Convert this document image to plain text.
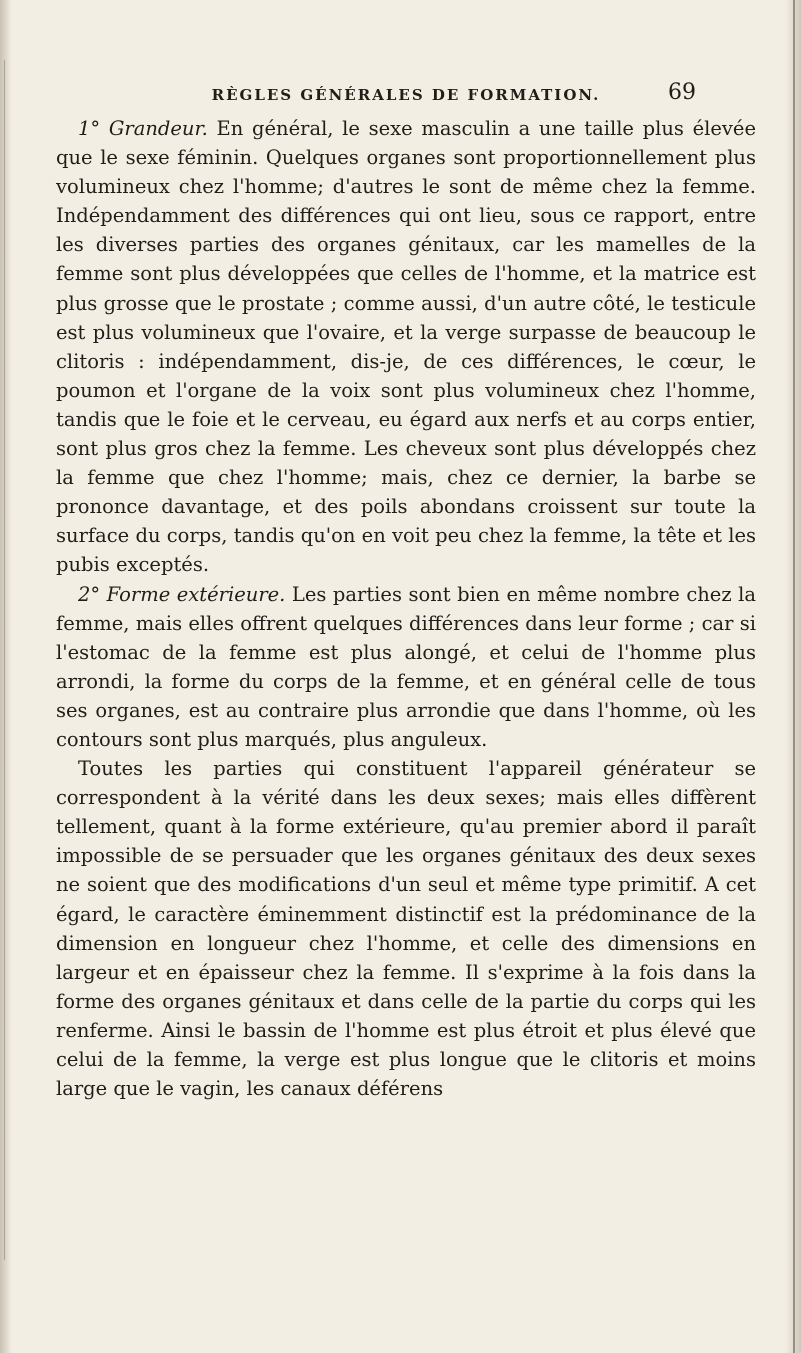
RÈGLES GÉNÉRALES DE FORMATION.	69

1° Grandeur. En général, le sexe masculin a une taille plus élevée que le sexe féminin. Quelques organes sont proportionnellement plus volumineux chez l'homme; d'autres le sont de même chez la femme. Indépendamment des différences qui ont lieu, sous ce rapport, entre les diverses parties des organes génitaux, car les mamelles de la femme sont plus développées que celles de l'homme, et la matrice est plus grosse que le prostate ; comme aussi, d'un autre côté, le testicule est plus volumineux que l'ovaire, et la verge surpasse de beaucoup le clitoris : indépendamment, dis-je, de ces différences, le cœur, le poumon et l'organe de la voix sont plus volumineux chez l'homme, tandis que le foie et le cerveau, eu égard aux nerfs et au corps entier, sont plus gros chez la femme. Les cheveux sont plus développés chez la femme que chez l'homme; mais, chez ce dernier, la barbe se prononce davantage, et des poils abondans croissent sur toute la surface du corps, tandis qu'on en voit peu chez la femme, la tête et les pubis exceptés.

2° Forme extérieure. Les parties sont bien en même nombre chez la femme, mais elles offrent quelques différences dans leur forme ; car si l'estomac de la femme est plus alongé, et celui de l'homme plus arrondi, la forme du corps de la femme, et en général celle de tous ses organes, est au contraire plus arrondie que dans l'homme, où les contours sont plus marqués, plus anguleux.

Toutes les parties qui constituent l'appareil générateur se correspondent à la vérité dans les deux sexes; mais elles diffèrent tellement, quant à la forme extérieure, qu'au premier abord il paraît impossible de se persuader que les organes génitaux des deux sexes ne soient que des modifications d'un seul et même type primitif. A cet égard, le caractère éminemment distinctif est la prédominance de la dimension en longueur chez l'homme, et celle des dimensions en largeur et en épaisseur chez la femme. Il s'exprime à la fois dans la forme des organes génitaux et dans celle de la partie du corps qui les renferme. Ainsi le bassin de l'homme est plus étroit et plus élevé que celui de la femme, la verge est plus longue que le clitoris et moins large que le vagin, les canaux déférens
